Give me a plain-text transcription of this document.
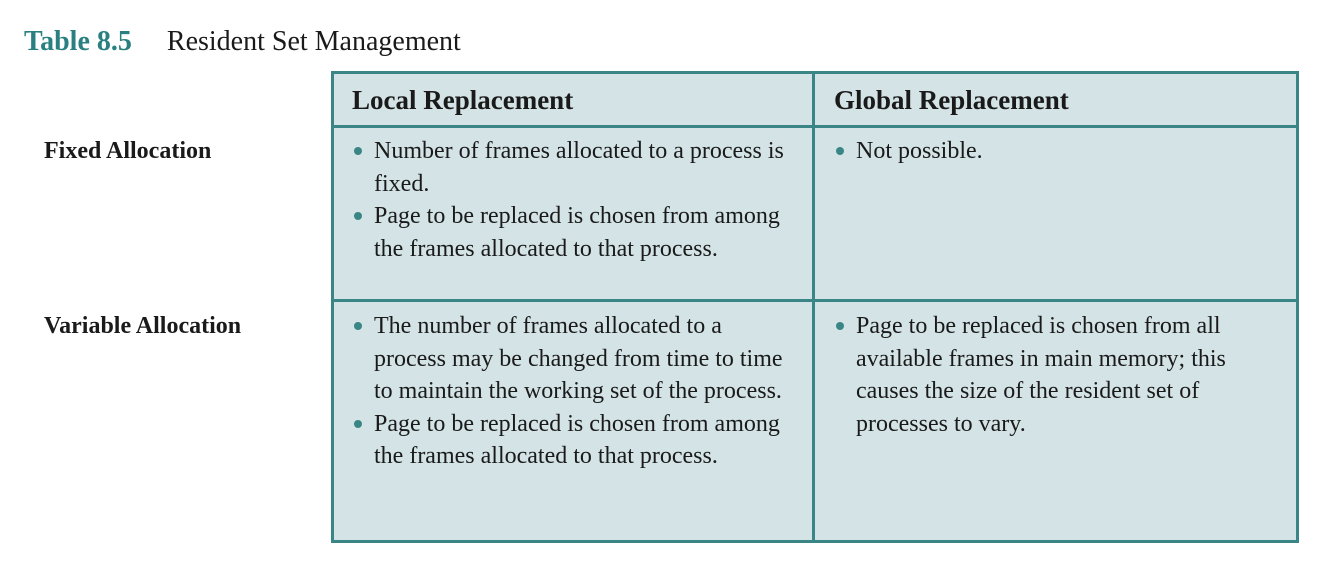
Table 8.5 Resident Set Management
Fixed Allocation
Variable Allocation
Local Replacement	Global Replacement
Number of frames allocated to a process is fixed.
Page to be replaced is chosen from among the frames allocated to that process.
Not possible.
The number of frames allocated to a process may be changed from time to time to maintain the working set of the process.
Page to be replaced is chosen from among the frames allocated to that process.
Page to be replaced is chosen from all available frames in main memory; this causes the size of the resident set of processes to vary.
